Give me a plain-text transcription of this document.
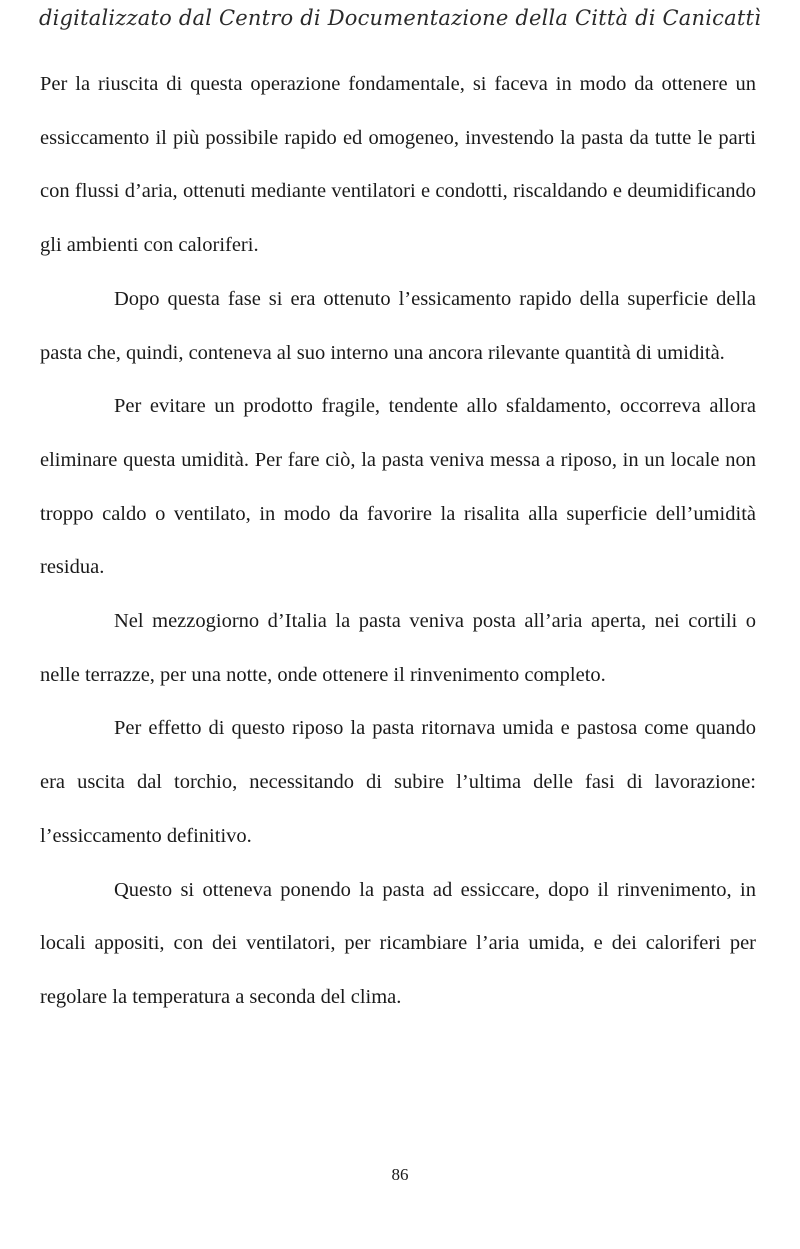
digitalizzato dal Centro di Documentazione della Città di Canicattì

Per la riuscita di questa operazione fondamentale, si faceva in modo da ottenere un essiccamento il più possibile rapido ed omogeneo, investendo la pasta da tutte le parti con flussi d’aria, ottenuti mediante ventilatori e condotti, riscaldando e deumidificando gli ambienti con caloriferi.

Dopo questa fase si era ottenuto l’essicamento rapido della superficie della pasta che, quindi, conteneva al suo interno una ancora rilevante quantità di umidità.

Per evitare un prodotto fragile, tendente allo sfaldamento, occorreva allora eliminare questa umidità. Per fare ciò, la pasta veniva messa a riposo, in un locale non troppo caldo o ventilato, in modo da favorire la risalita alla superficie dell’umidità residua.

Nel mezzogiorno d’Italia la pasta veniva posta all’aria aperta, nei cortili o nelle terrazze, per una notte, onde ottenere il rinvenimento completo.

Per effetto di questo riposo la pasta ritornava umida e pastosa come quando era uscita dal torchio, necessitando di subire l’ultima delle fasi di lavorazione: l’essiccamento definitivo.

Questo si otteneva ponendo la pasta ad essiccare, dopo il rinvenimento, in locali appositi, con dei ventilatori, per ricambiare l’aria umida, e dei caloriferi per regolare la temperatura a seconda del clima.

86
